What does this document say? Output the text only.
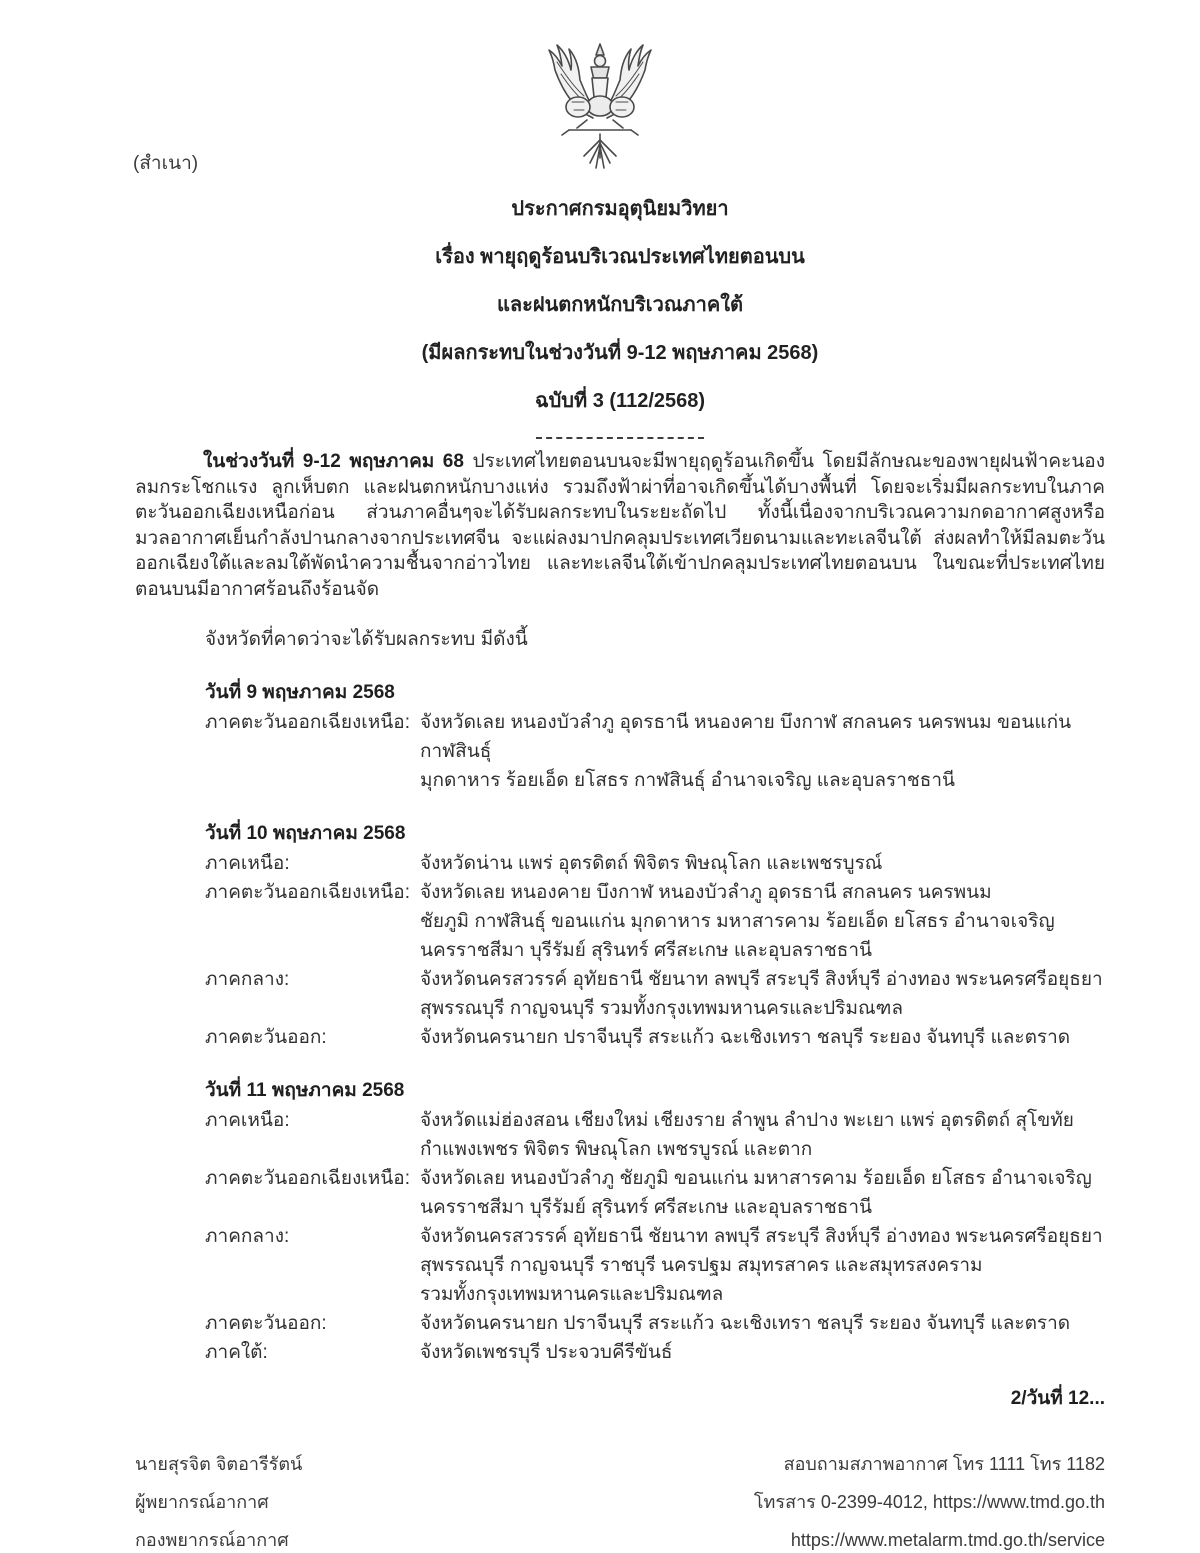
(สำเนา)
ประกาศกรมอุตุนิยมวิทยา
เรื่อง พายุฤดูร้อนบริเวณประเทศไทยตอนบน
และฝนตกหนักบริเวณภาคใต้
(มีผลกระทบในช่วงวันที่ 9-12 พฤษภาคม 2568)
ฉบับที่ 3 (112/2568)

ในช่วงวันที่ 9-12 พฤษภาคม 68 ประเทศไทยตอนบนจะมีพายุฤดูร้อนเกิดขึ้น โดยมีลักษณะของพายุฝนฟ้าคะนอง ลมกระโชกแรง ลูกเห็บตก และฝนตกหนักบางแห่ง รวมถึงฟ้าผ่าที่อาจเกิดขึ้นได้บางพื้นที่ โดยจะเริ่มมีผลกระทบในภาคตะวันออกเฉียงเหนือก่อน ส่วนภาคอื่นๆจะได้รับผลกระทบในระยะถัดไป ทั้งนี้เนื่องจากบริเวณความกดอากาศสูงหรือมวลอากาศเย็นกำลังปานกลางจากประเทศจีน จะแผ่ลงมาปกคลุมประเทศเวียดนามและทะเลจีนใต้ ส่งผลทำให้มีลมตะวันออกเฉียงใต้และลมใต้พัดนำความชื้นจากอ่าวไทย และทะเลจีนใต้เข้าปกคลุมประเทศไทยตอนบน ในขณะที่ประเทศไทยตอนบนมีอากาศร้อนถึงร้อนจัด

จังหวัดที่คาดว่าจะได้รับผลกระทบ มีดังนี้
วันที่ 9 พฤษภาคม 2568
ภาคตะวันออกเฉียงเหนือ: จังหวัดเลย หนองบัวลำภู อุดรธานี หนองคาย บึงกาฬ สกลนคร นครพนม ขอนแก่น กาฬสินธุ์
มุกดาหาร ร้อยเอ็ด ยโสธร กาฬสินธุ์ อำนาจเจริญ และอุบลราชธานี
วันที่ 10 พฤษภาคม 2568
ภาคเหนือ:	จังหวัดน่าน แพร่ อุตรดิตถ์ พิจิตร พิษณุโลก และเพชรบูรณ์
ภาคตะวันออกเฉียงเหนือ: จังหวัดเลย หนองคาย บึงกาฬ หนองบัวลำภู อุดรธานี สกลนคร นครพนม
ชัยภูมิ กาฬสินธุ์ ขอนแก่น มุกดาหาร มหาสารคาม ร้อยเอ็ด ยโสธร อำนาจเจริญ
นครราชสีมา บุรีรัมย์ สุรินทร์ ศรีสะเกษ และอุบลราชธานี
ภาคกลาง:	จังหวัดนครสวรรค์ อุทัยธานี ชัยนาท ลพบุรี สระบุรี สิงห์บุรี อ่างทอง พระนครศรีอยุธยา
สุพรรณบุรี กาญจนบุรี รวมทั้งกรุงเทพมหานครและปริมณฑล
ภาคตะวันออก:	จังหวัดนครนายก ปราจีนบุรี สระแก้ว ฉะเชิงเทรา ชลบุรี ระยอง จันทบุรี และตราด
วันที่ 11 พฤษภาคม 2568
ภาคเหนือ:	จังหวัดแม่ฮ่องสอน เชียงใหม่ เชียงราย ลำพูน ลำปาง พะเยา แพร่ อุตรดิตถ์ สุโขทัย
กำแพงเพชร พิจิตร พิษณุโลก เพชรบูรณ์ และตาก
ภาคตะวันออกเฉียงเหนือ: จังหวัดเลย หนองบัวลำภู ชัยภูมิ ขอนแก่น มหาสารคาม ร้อยเอ็ด ยโสธร อำนาจเจริญ
นครราชสีมา บุรีรัมย์ สุรินทร์ ศรีสะเกษ และอุบลราชธานี
ภาคกลาง:	จังหวัดนครสวรรค์ อุทัยธานี ชัยนาท ลพบุรี สระบุรี สิงห์บุรี อ่างทอง พระนครศรีอยุธยา
สุพรรณบุรี กาญจนบุรี ราชบุรี นครปฐม สมุทรสาคร และสมุทรสงคราม
รวมทั้งกรุงเทพมหานครและปริมณฑล
ภาคตะวันออก:	จังหวัดนครนายก ปราจีนบุรี สระแก้ว ฉะเชิงเทรา ชลบุรี ระยอง จันทบุรี และตราด
ภาคใต้:	จังหวัดเพชรบุรี ประจวบคีรีขันธ์
2/วันที่ 12...
นายสุรจิต จิตอารีรัตน์
ผู้พยากรณ์อากาศ
กองพยากรณ์อากาศ
สอบถามสภาพอากาศ โทร 1111 โทร 1182
โทรสาร 0-2399-4012, https://www.tmd.go.th
https://www.metalarm.tmd.go.th/service
